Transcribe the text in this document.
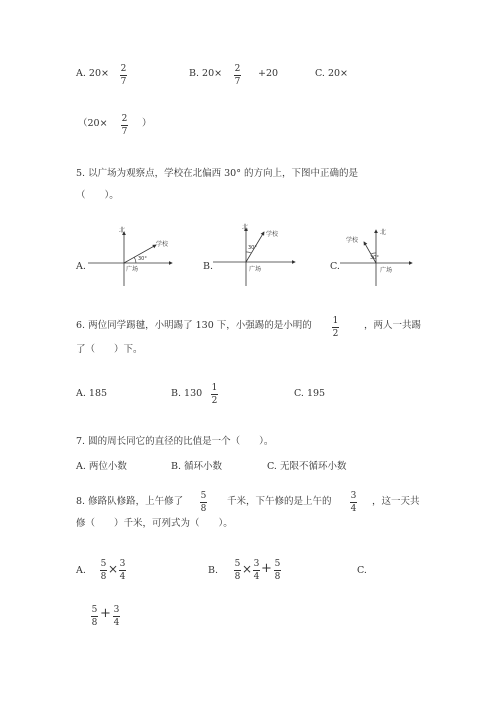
A. 20× 2
7
B. 20× 2
7
+20	C. 20×
（20× 2
7
）
5. 以广场为观察点，学校在北偏西 30° 的方向上，下图中正确的是
（　　）。
A.
北
学校
广场
30°
B.
北
学校
广场
30°
C.
北
学校
广场
30°
6. 两位同学踢毽，小明踢了 130 下，小强踢的是小明的 1
2
，两人一共踢
了（　　）下。
A. 185	B. 130 1
2
C. 195
7. 圆的周长同它的直径的比值是一个（　　）。
A. 两位小数	B. 循环小数	C. 无限不循环小数
8. 修路队修路，上午修了 5
8
千米，下午修的是上午的 3
4
，这一天共
修（　　）千米，可列式为（　　）。
A.
5
8
× 3
4
B.
5
8
× 3
4
+ 5
8
C.
5
8
+ 3
4
